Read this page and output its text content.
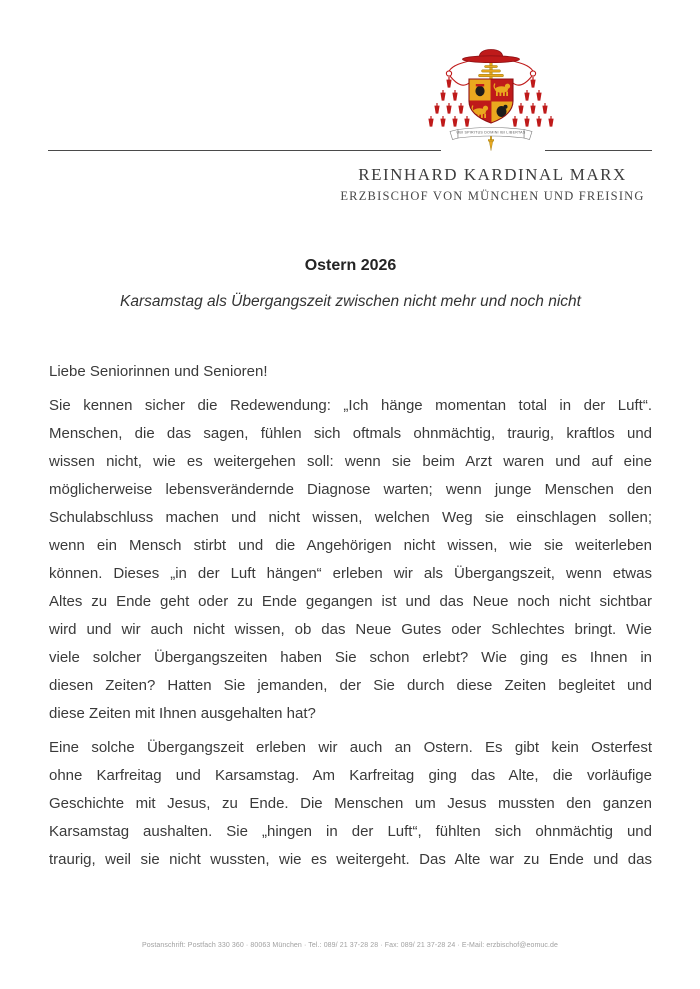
UBI SPIRITUS DOMINI IBI LIBERTAS
REINHARD KARDINAL MARX
ERZBISCHOF VON MÜNCHEN UND FREISING
Ostern 2026
Karsamstag als Übergangszeit zwischen nicht mehr und noch nicht
Liebe Seniorinnen und Senioren!
Sie kennen sicher die Redewendung: „Ich hänge momentan total in der Luft“.
Menschen, die das sagen, fühlen sich oftmals ohnmächtig, traurig, kraftlos und
wissen nicht, wie es weitergehen soll: wenn sie beim Arzt waren und auf eine
möglicherweise lebensverändernde Diagnose warten; wenn junge Menschen den
Schulabschluss machen und nicht wissen, welchen Weg sie einschlagen sollen;
wenn ein Mensch stirbt und die Angehörigen nicht wissen, wie sie weiterleben
können. Dieses „in der Luft hängen“ erleben wir als Übergangszeit, wenn etwas
Altes zu Ende geht oder zu Ende gegangen ist und das Neue noch nicht sichtbar
wird und wir auch nicht wissen, ob das Neue Gutes oder Schlechtes bringt. Wie
viele solcher Übergangszeiten haben Sie schon erlebt? Wie ging es Ihnen in
diesen Zeiten? Hatten Sie jemanden, der Sie durch diese Zeiten begleitet und
diese Zeiten mit Ihnen ausgehalten hat?
Eine solche Übergangszeit erleben wir auch an Ostern. Es gibt kein Osterfest
ohne Karfreitag und Karsamstag. Am Karfreitag ging das Alte, die vorläufige
Geschichte mit Jesus, zu Ende. Die Menschen um Jesus mussten den ganzen
Karsamstag aushalten. Sie „hingen in der Luft“, fühlten sich ohnmächtig und
traurig, weil sie nicht wussten, wie es weitergeht. Das Alte war zu Ende und das
Postanschrift: Postfach 330 360 · 80063 München · Tel.: 089/ 21 37-28 28 · Fax: 089/ 21 37-28 24 · E-Mail: erzbischof@eomuc.de
